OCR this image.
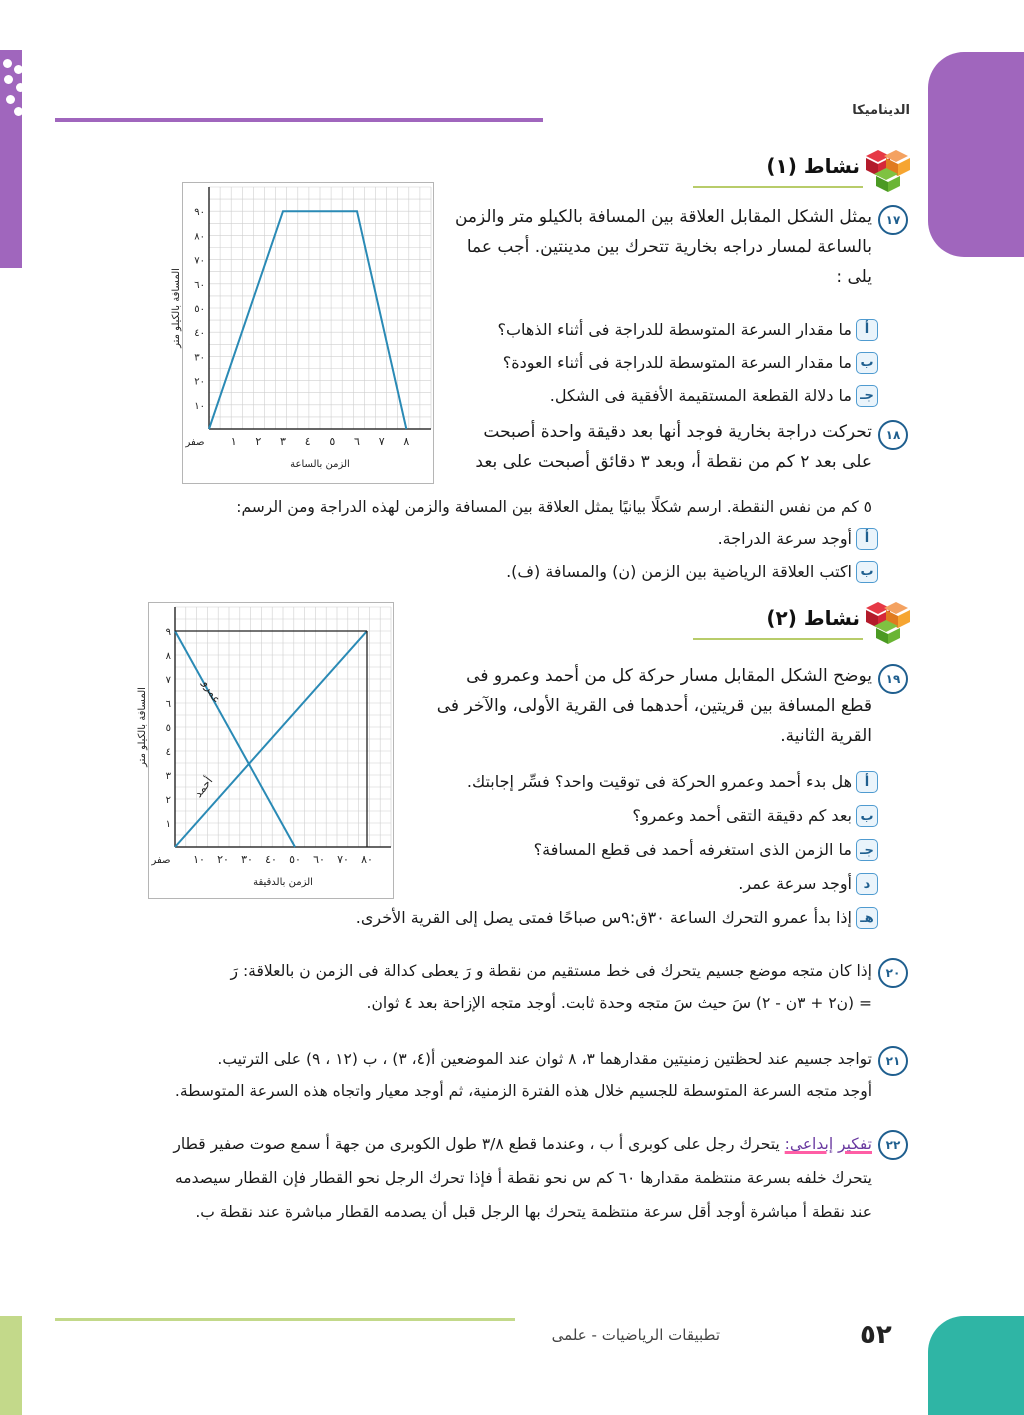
الديناميكا
نشاط (١)
١ ٢ ٣ ٤ ٥ ٦ ٧ ٨
١٠
٢٠
٣٠
٤٠
٥٠
٦٠
٧٠
٨٠
٩٠
صفر
الزمن بالساعة
المسافة بالكيلو متر
١٧
يمثل الشكل المقابل العلاقة بين المسافة بالكيلو متر والزمن
بالساعة لمسار دراجه بخارية تتحرك بين مدينتين. أجب عما
يلى :
أ
ما مقدار السرعة المتوسطة للدراجة فى أثناء الذهاب؟
ب
ما مقدار السرعة المتوسطة للدراجة فى أثناء العودة؟
جـ
ما دلالة القطعة المستقيمة الأفقية فى الشكل.
١٨
تحركت دراجة بخارية فوجد أنها بعد دقيقة واحدة أصبحت
على بعد ٢ كم من نقطة أ، وبعد ٣ دقائق أصبحت على بعد
٥ كم من نفس النقطة. ارسم شكلًا بيانيًا يمثل العلاقة بين المسافة والزمن لهذه الدراجة ومن الرسم:
أ
أوجد سرعة الدراجة.
ب
اكتب العلاقة الرياضية بين الزمن (ن) والمسافة (ف).
نشاط (٢)
١٠ ٢٠ ٣٠ ٤٠ ٥٠ ٦٠ ٧٠ ٨٠
١
٢
٣
٤
٥
٦
٧
٨
٩
صفر
الزمن بالدقيقة
المسافة بالكيلو متر	عمرو
أحمد
١٩
يوضح الشكل المقابل مسار حركة كل من أحمد وعمرو فى
قطع المسافة بين قريتين، أحدهما فى القرية الأولى، والآخر فى
القرية الثانية.
أ
هل بدء أحمد وعمرو الحركة فى توقيت واحد؟ فسِّر إجابتك.
ب
بعد كم دقيقة التقى أحمد وعمرو؟
جـ
ما الزمن الذى استغرفه أحمد فى قطع المسافة؟
د
أوجد سرعة عمر.
هـ
إذا بدأ عمرو التحرك الساعة ٣٠ق:٩س صباحًا فمتى يصل إلى القرية الأخرى.
٢٠
إذا كان متجه موضع جسيم يتحرك فى خط مستقيم من نقطة و رَ يعطى كدالة فى الزمن ن بالعلاقة: رَ
= (ن٢ + ٣ن - ٢) سَ حيث سَ متجه وحدة ثابت. أوجد متجه الإزاحة بعد ٤ ثوان.
٢١
تواجد جسيم عند لحظتين زمنيتين مقدارهما ٣، ٨ ثوان عند الموضعين أ(٤، ٣) ، ب (١٢ ، ٩) على الترتيب.
أوجد متجه السرعة المتوسطة للجسيم خلال هذه الفترة الزمنية، ثم أوجد معيار واتجاه هذه السرعة المتوسطة.
٢٢
تفكير إبداعى: يتحرك رجل على كوبرى أ ب ، وعندما قطع ٣/٨ طول الكوبرى من جهة أ سمع صوت صفير قطار
يتحرك خلفه بسرعة منتظمة مقدارها ٦٠ كم س نحو نقطة أ فإذا تحرك الرجل نحو القطار فإن القطار سيصدمه
عند نقطة أ مباشرة أوجد أقل سرعة منتظمة يتحرك بها الرجل قبل أن يصدمه القطار مباشرة عند نقطة ب.
٥٢
تطبيقات الرياضيات - علمى
